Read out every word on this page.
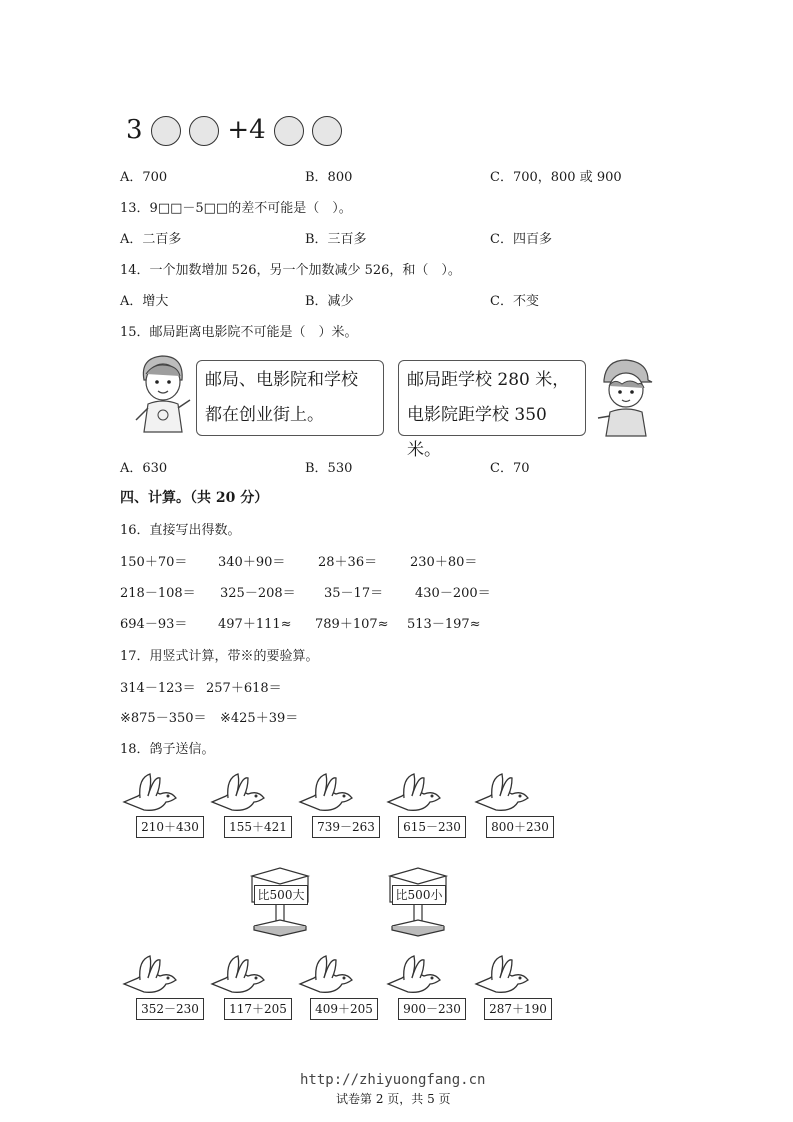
3	+4
A．700	B．800	C．700，800 或 900
13．9□□－5□□的差不可能是（　）。
A．二百多	B．三百多	C．四百多
14．一个加数增加 526，另一个加数减少 526，和（　）。
A．增大	B．减少	C．不变
15．邮局距离电影院不可能是（　）米。
邮局、电影院和学校
都在创业街上。
邮局距学校 280 米，
电影院距学校 350 米。
A．630	B．530	C．70
四、计算。（共 20 分）
16．直接写出得数。
150＋70＝ 340＋90＝	28＋36＝	230＋80＝
218－108＝ 325－208＝ 35－17＝ 430－200＝
694－93＝ 497＋111≈ 789＋107≈ 513－197≈
17．用竖式计算，带※的要验算。
314－123＝ 257＋618＝
※875－350＝ ※425＋39＝
18．鸽子送信。
210＋430	155＋421	739－263	615－230	800＋230
比500大	比500小
352－230	117＋205	409＋205	900－230	287＋190
http://zhiyuongfang.cn
试卷第 2 页，共 5 页
